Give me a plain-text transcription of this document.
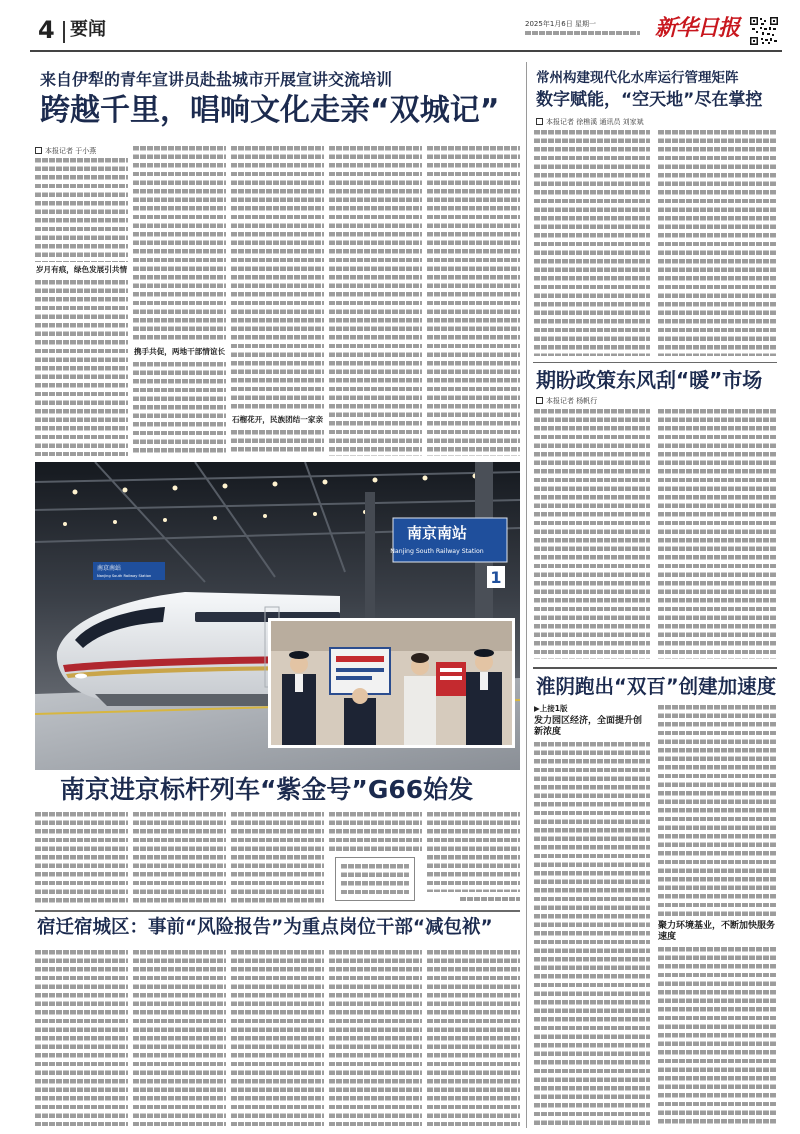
4 要闻	2025年1月6日 星期一	新华日报
来自伊犁的青年宣讲员赴盐城市开展宣讲交流培训
跨越千里，唱响文化走亲“双城记”
本报记者 于小燕
岁月有痕，绿色发展引共情
携手共促，两地干部情谊长
石榴花开，民族团结一家亲
南京南站
Nanjing South Railway Station
1
南京南站
Nanjing South Railway Station
南京进京标杆列车“紫金号”G66始发
宿迁宿城区：事前“风险报告”为重点岗位干部“减包袱”
常州构建现代化水库运行管理矩阵
数字赋能，“空天地”尽在掌控
本报记者 徐樵溪 通讯员 刘家斌
期盼政策东风刮“暖”市场
本报记者 杨帆行
淮阴跑出“双百”创建加速度
▶上接1版
发力园区经济，全面提升创新浓度
聚力环境基业，不断加快服务速度
